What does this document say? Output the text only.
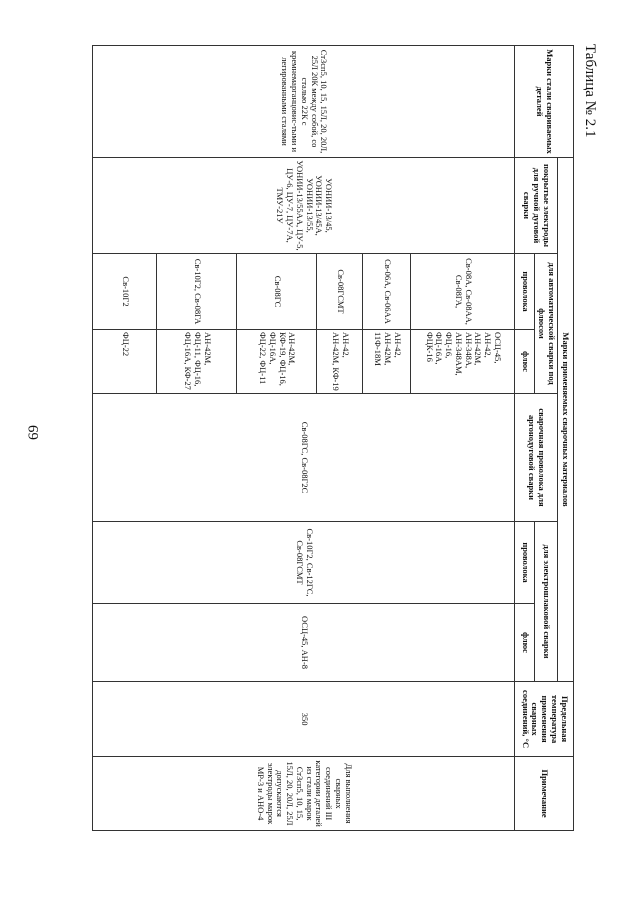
69
Таблица № 2.1
Марки стали свариваемых деталей	Марки применяемых сварочных материалов						Предельная температура применения сварных соединений, °С	Примечание
	покрытые электроды для ручной дуговой сварки	для автоматической сварки под флюсом		сварочная проволока для аргонодуговой сварки	для электрошлаковой сварки			
		проволока	флюс		проволока	флюс		
Ст3сп5, 10, 15, 15Л, 20, 20Л, 25Л 20К между собой, со сталью 22К с кремнемарганцовис-тыми и легированными сталями	УОНИИ-13/45, УОНИИ-13/45А, УОНИИ-13/55, УОНИИ-13/55АА, ЦУ-5, ЦУ-6, ЦУ-7, ЦУ-7А, ТМУ-21У	Св-08А, Св-08АА, Св-08ГА,	ОСЦ-45, АН-42, АН-42М, АН-348А, АН-348АМ, ФЦ-16, ФЦ-16А, ФЦК-16	Св-08ГС, Св-08Г2С	Св-10Г2, Св-12ГС, Св-08ГСМТ	ОСЦ-45, АН-8	350	Для выполнения сварных соединений III категории деталей из стали марок Ст3сп5, 10, 15, 15Л, 20, 20Л, 25Л допускаются электроды марок МР-3 и АНО-4
		Св-06А, Св-06АА	АН-42, АН-42М, 11Ф-18М					
		Св-08ГСМТ	АН-42, АН-42М, КФ-19					
		Св-08ГС	АН-42М, КФ-19, ФЦ-16, ФЦ-16А, ФЦ-22, ФЦ-11					
		Св-10Г2, Св-08ГА	АН-42М, ФЦ-11, ФЦ-16, ФЦ-16А, КФ-27					
		Св-10Г2	ФЦ-22					
